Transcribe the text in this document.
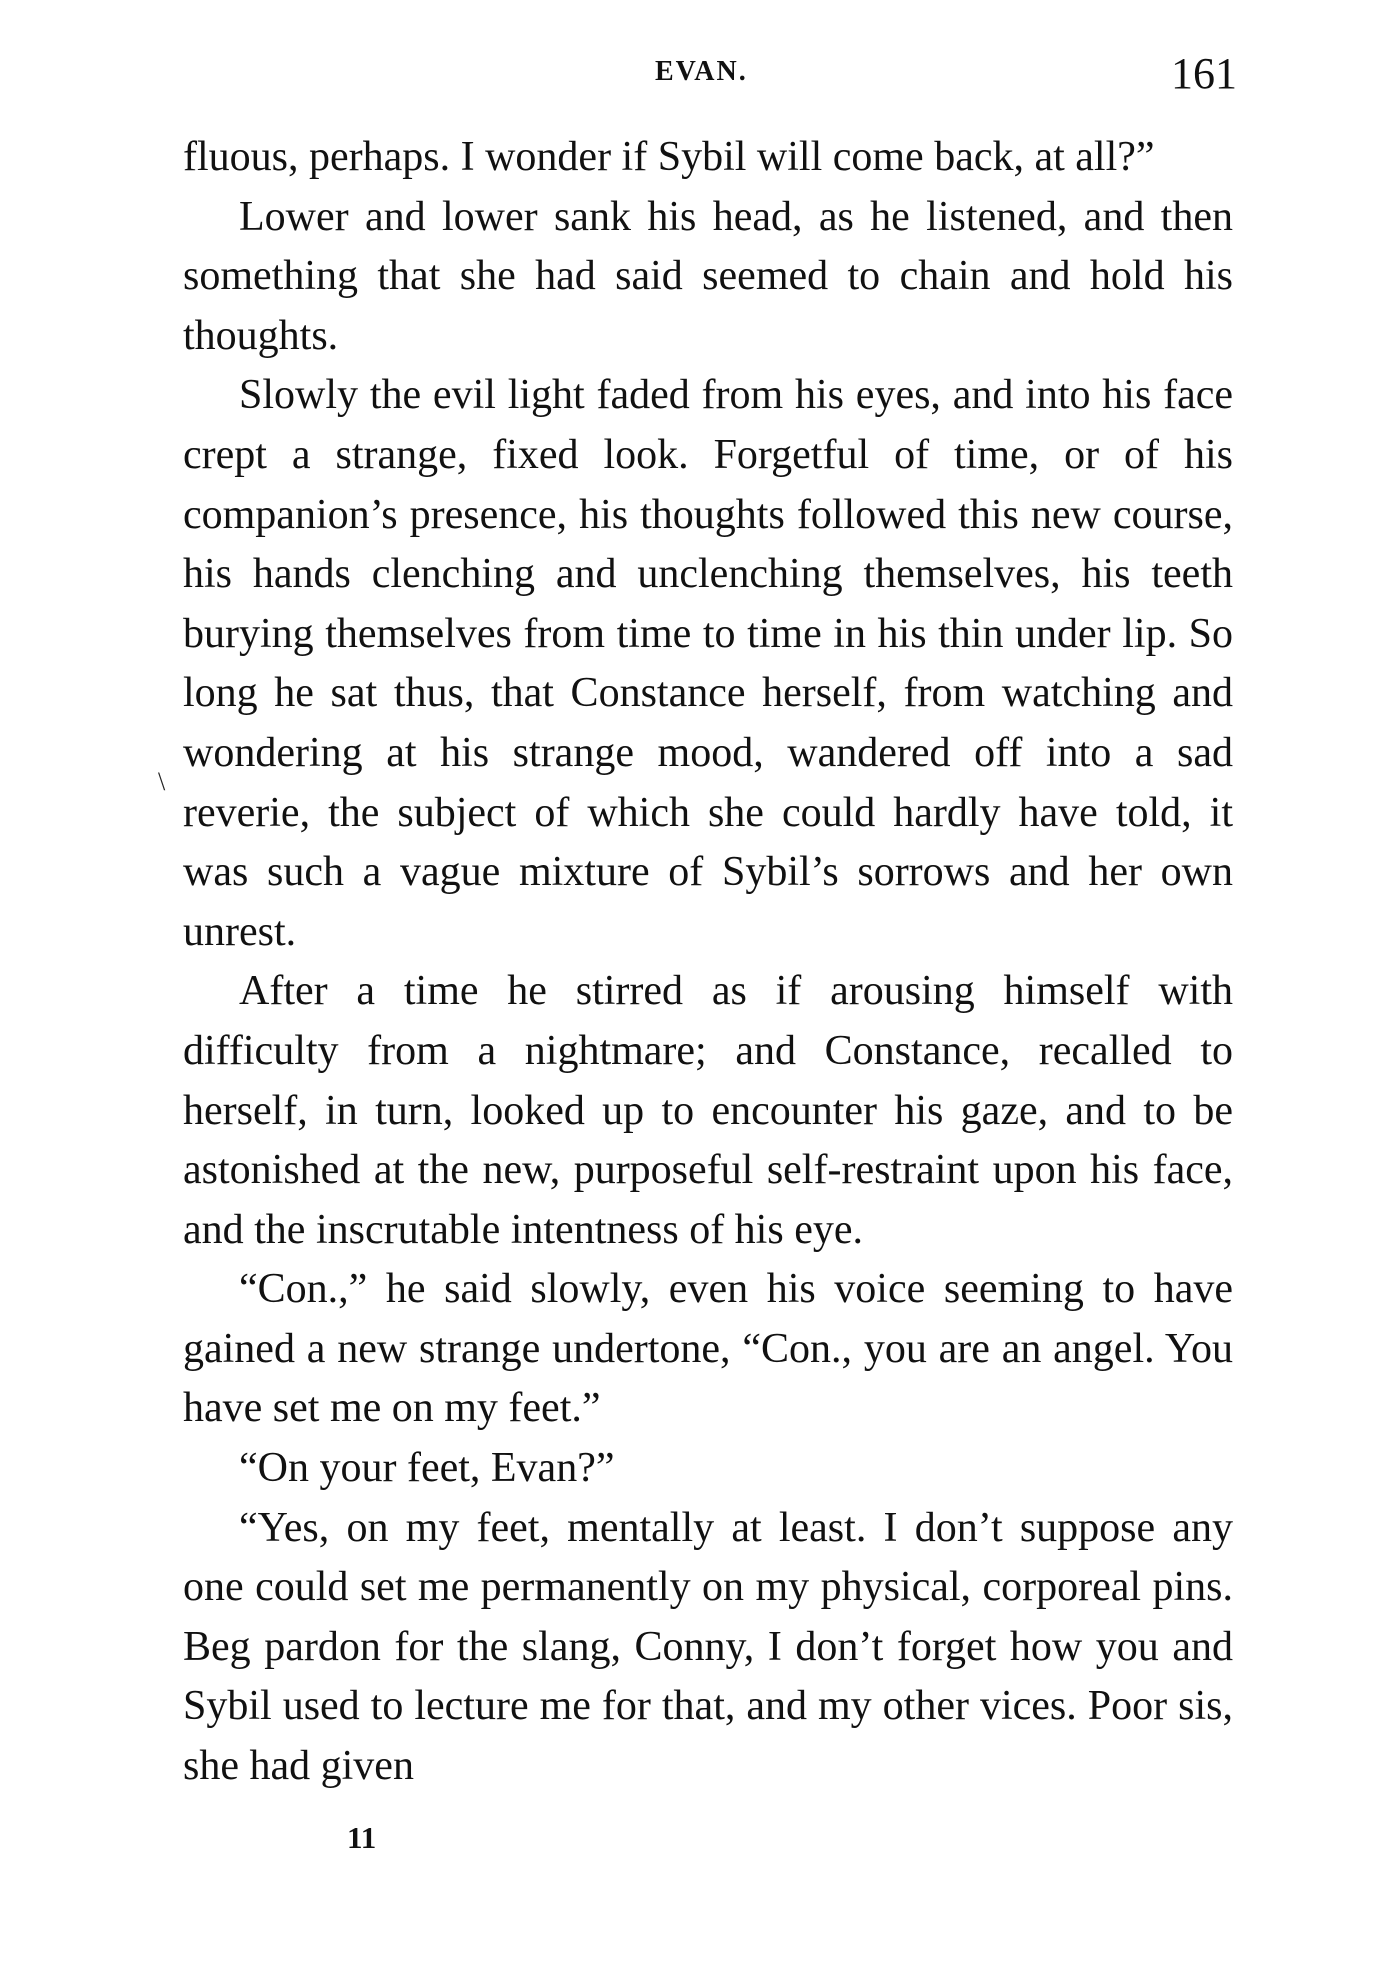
EVAN.	161
\

fluous, perhaps. I wonder if Sybil will come back, at all?”

Lower and lower sank his head, as he listened, and then something that she had said seemed to chain and hold his thoughts.

Slowly the evil light faded from his eyes, and into his face crept a strange, fixed look. Forgetful of time, or of his companion’s presence, his thoughts followed this new course, his hands clenching and unclenching themselves, his teeth burying themselves from time to time in his thin under lip. So long he sat thus, that Constance herself, from watching and wondering at his strange mood, wandered off into a sad reverie, the subject of which she could hardly have told, it was such a vague mixture of Sybil’s sorrows and her own unrest.

After a time he stirred as if arousing himself with difficulty from a nightmare; and Constance, recalled to herself, in turn, looked up to encounter his gaze, and to be astonished at the new, purposeful self-restraint upon his face, and the inscrutable intentness of his eye.

“Con.,” he said slowly, even his voice seeming to have gained a new strange undertone, “Con., you are an angel. You have set me on my feet.”

“On your feet, Evan?”

“Yes, on my feet, mentally at least. I don’t suppose any one could set me permanently on my physical, corporeal pins. Beg pardon for the slang, Conny, I don’t forget how you and Sybil used to lecture me for that, and my other vices. Poor sis, she had given

11
